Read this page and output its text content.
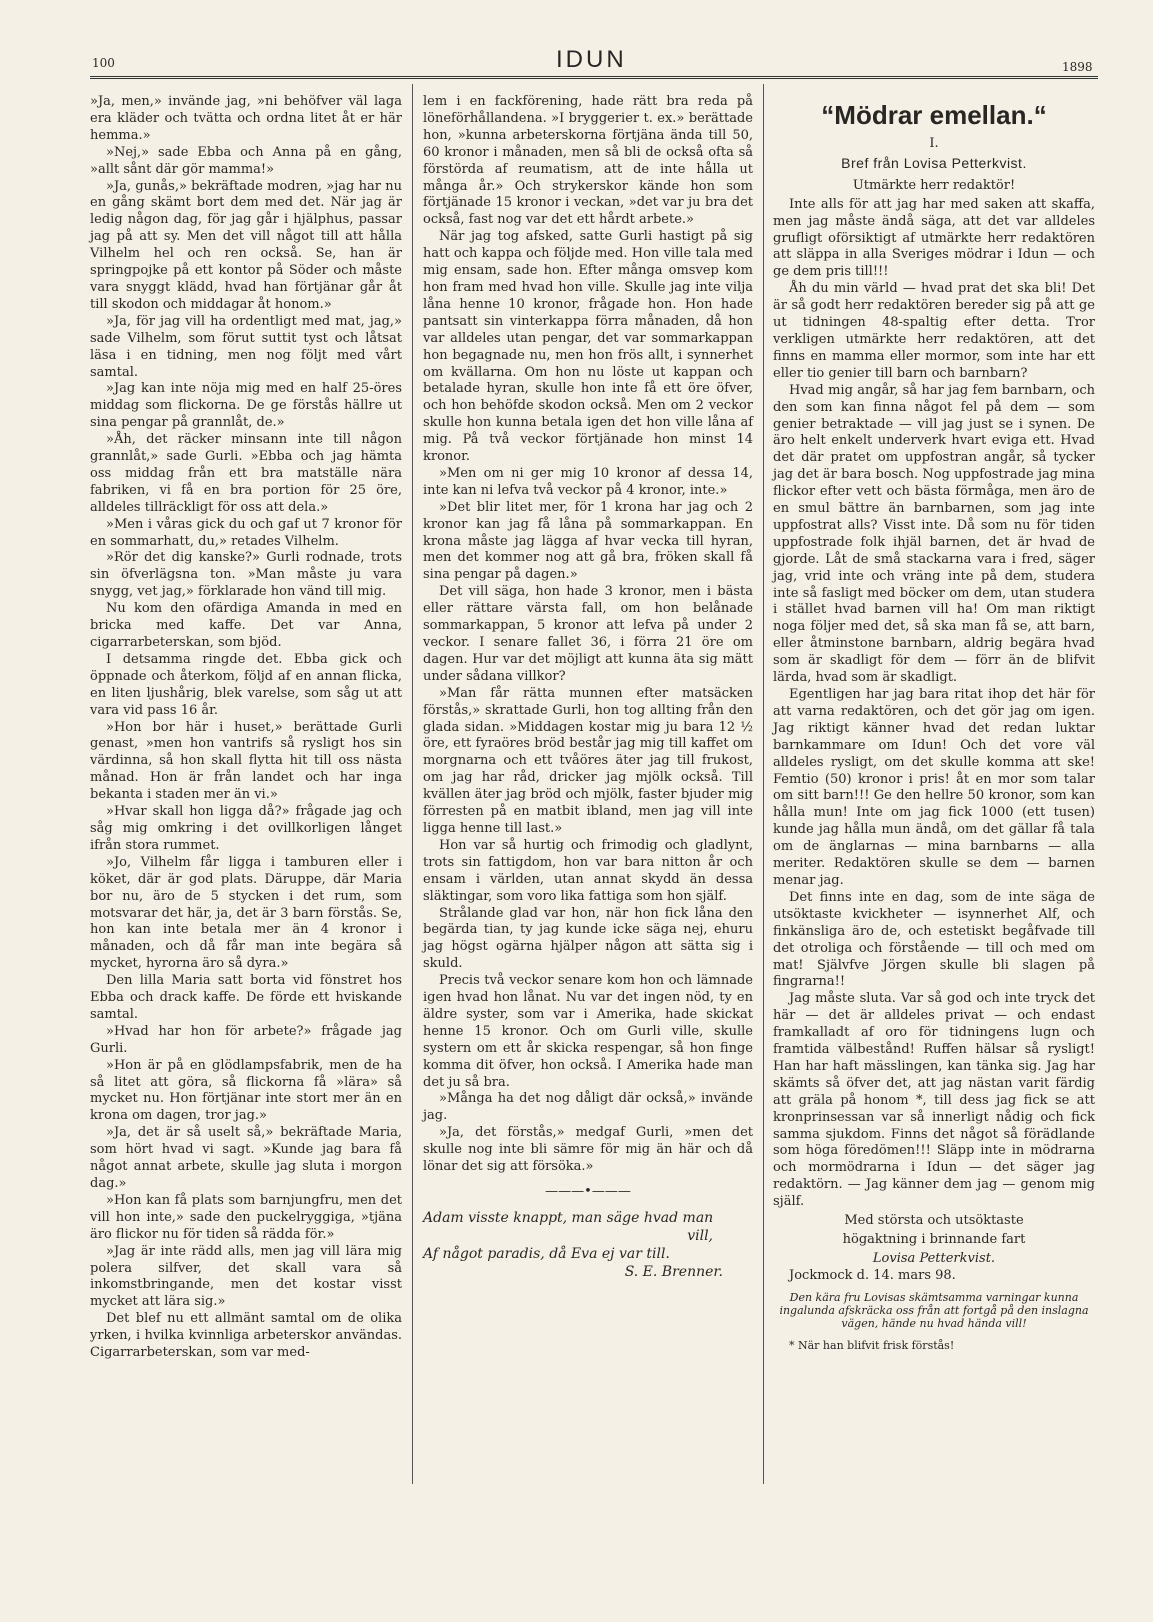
100	IDUN	1898

»Ja, men,» invände jag, »ni behöfver väl laga era kläder och tvätta och ordna litet åt er här hemma.»

»Nej,» sade Ebba och Anna på en gång, »allt sånt där gör mamma!»

»Ja, gunås,» bekräftade modren, »jag har nu en gång skämt bort dem med det. När jag är ledig någon dag, för jag går i hjälphus, passar jag på att sy. Men det vill något till att hålla Vilhelm hel och ren också. Se, han är springpojke på ett kontor på Söder och måste vara snyggt klädd, hvad han förtjänar går åt till skodon och middagar åt honom.»

»Ja, för jag vill ha ordentligt med mat, jag,» sade Vilhelm, som förut suttit tyst och låtsat läsa i en tidning, men nog följt med vårt samtal.

»Jag kan inte nöja mig med en half 25-öres middag som flickorna. De ge förstås hällre ut sina pengar på grannlåt, de.»

»Åh, det räcker minsann inte till någon grannlåt,» sade Gurli. »Ebba och jag hämta oss middag från ett bra matställe nära fabriken, vi få en bra portion för 25 öre, alldeles tillräckligt för oss att dela.»

»Men i våras gick du och gaf ut 7 kronor för en sommarhatt, du,» retades Vilhelm.

»Rör det dig kanske?» Gurli rodnade, trots sin öfverlägsna ton. »Man måste ju vara snygg, vet jag,» förklarade hon vänd till mig.

Nu kom den ofärdiga Amanda in med en bricka med kaffe. Det var Anna, cigarrarbeterskan, som bjöd.

I detsamma ringde det. Ebba gick och öppnade och återkom, följd af en annan flicka, en liten ljushårig, blek varelse, som såg ut att vara vid pass 16 år.

»Hon bor här i huset,» berättade Gurli genast, »men hon vantrifs så rysligt hos sin värdinna, så hon skall flytta hit till oss nästa månad. Hon är från landet och har inga bekanta i staden mer än vi.»

»Hvar skall hon ligga då?» frågade jag och såg mig omkring i det ovillkorligen långet ifrån stora rummet.

»Jo, Vilhelm får ligga i tamburen eller i köket, där är god plats. Däruppe, där Maria bor nu, äro de 5 stycken i det rum, som motsvarar det här, ja, det är 3 barn förstås. Se, hon kan inte betala mer än 4 kronor i månaden, och då får man inte begära så mycket, hyrorna äro så dyra.»

Den lilla Maria satt borta vid fönstret hos Ebba och drack kaffe. De förde ett hviskande samtal.

»Hvad har hon för arbete?» frågade jag Gurli.

»Hon är på en glödlampsfabrik, men de ha så litet att göra, så flickorna få »lära» så mycket nu. Hon förtjänar inte stort mer än en krona om dagen, tror jag.»

»Ja, det är så uselt så,» bekräftade Maria, som hört hvad vi sagt. »Kunde jag bara få något annat arbete, skulle jag sluta i morgon dag.»

»Hon kan få plats som barnjungfru, men det vill hon inte,» sade den puckelryggiga, »tjäna äro flickor nu för tiden så rädda för.»

»Jag är inte rädd alls, men jag vill lära mig polera silfver, det skall vara så inkomstbringande, men det kostar visst mycket att lära sig.»

Det blef nu ett allmänt samtal om de olika yrken, i hvilka kvinnliga arbeterskor användas. Cigarrarbeterskan, som var med-

lem i en fackförening, hade rätt bra reda på löneförhållandena. »I bryggerier t. ex.» berättade hon, »kunna arbeterskorna förtjäna ända till 50, 60 kronor i månaden, men så bli de också ofta så förstörda af reumatism, att de inte hålla ut många år.» Och strykerskor kände hon som förtjänade 15 kronor i veckan, »det var ju bra det också, fast nog var det ett hårdt arbete.»

När jag tog afsked, satte Gurli hastigt på sig hatt och kappa och följde med. Hon ville tala med mig ensam, sade hon. Efter många omsvep kom hon fram med hvad hon ville. Skulle jag inte vilja låna henne 10 kronor, frågade hon. Hon hade pantsatt sin vinterkappa förra månaden, då hon var alldeles utan pengar, det var sommarkappan hon begagnade nu, men hon frös allt, i synnerhet om kvällarna. Om hon nu löste ut kappan och betalade hyran, skulle hon inte få ett öre öfver, och hon behöfde skodon också. Men om 2 veckor skulle hon kunna betala igen det hon ville låna af mig. På två veckor förtjänade hon minst 14 kronor.

»Men om ni ger mig 10 kronor af dessa 14, inte kan ni lefva två veckor på 4 kronor, inte.»

»Det blir litet mer, för 1 krona har jag och 2 kronor kan jag få låna på sommarkappan. En krona måste jag lägga af hvar vecka till hyran, men det kommer nog att gå bra, fröken skall få sina pengar på dagen.»

Det vill säga, hon hade 3 kronor, men i bästa eller rättare värsta fall, om hon belånade sommarkappan, 5 kronor att lefva på under 2 veckor. I senare fallet 36, i förra 21 öre om dagen. Hur var det möjligt att kunna äta sig mätt under sådana villkor?

»Man får rätta munnen efter matsäcken förstås,» skrattade Gurli, hon tog allting från den glada sidan. »Middagen kostar mig ju bara 12 ½ öre, ett fyraöres bröd består jag mig till kaffet om morgnarna och ett tvåöres äter jag till frukost, om jag har råd, dricker jag mjölk också. Till kvällen äter jag bröd och mjölk, faster bjuder mig förresten på en matbit ibland, men jag vill inte ligga henne till last.»

Hon var så hurtig och frimodig och gladlynt, trots sin fattigdom, hon var bara nitton år och ensam i världen, utan annat skydd än dessa släktingar, som voro lika fattiga som hon själf.

Strålande glad var hon, när hon fick låna den begärda tian, ty jag kunde icke säga nej, ehuru jag högst ogärna hjälper någon att sätta sig i skuld.

Precis två veckor senare kom hon och lämnade igen hvad hon lånat. Nu var det ingen nöd, ty en äldre syster, som var i Amerika, hade skickat henne 15 kronor. Och om Gurli ville, skulle systern om ett år skicka respengar, så hon finge komma dit öfver, hon också. I Amerika hade man det ju så bra.

»Många ha det nog dåligt där också,» invände jag.

»Ja, det förstås,» medgaf Gurli, »men det skulle nog inte bli sämre för mig än här och då lönar det sig att försöka.»

———•———
Adam visste knappt, man säge hvad man
vill,
Af något paradis, då Eva ej var till.
S. E. Brenner.
“Mödrar emellan.“
I.
Bref från Lovisa Petterkvist.
Utmärkte herr redaktör!

Inte alls för att jag har med saken att skaffa, men jag måste ändå säga, att det var alldeles grufligt oförsiktigt af utmärkte herr redaktören att släppa in alla Sveriges mödrar i Idun — och ge dem pris till!!!

Åh du min värld — hvad prat det ska bli! Det är så godt herr redaktören bereder sig på att ge ut tidningen 48-spaltig efter detta. Tror verkligen utmärkte herr redaktören, att det finns en mamma eller mormor, som inte har ett eller tio genier till barn och barnbarn?

Hvad mig angår, så har jag fem barnbarn, och den som kan finna något fel på dem — som genier betraktade — vill jag just se i synen. De äro helt enkelt underverk hvart eviga ett. Hvad det där pratet om uppfostran angår, så tycker jag det är bara bosch. Nog uppfostrade jag mina flickor efter vett och bästa förmåga, men äro de en smul bättre än barnbarnen, som jag inte uppfostrat alls? Visst inte. Då som nu för tiden uppfostrade folk ihjäl barnen, det är hvad de gjorde. Låt de små stackarna vara i fred, säger jag, vrid inte och vräng inte på dem, studera inte så fasligt med böcker om dem, utan studera i stället hvad barnen vill ha! Om man riktigt noga följer med det, så ska man få se, att barn, eller åtminstone barnbarn, aldrig begära hvad som är skadligt för dem — förr än de blifvit lärda, hvad som är skadligt.

Egentligen har jag bara ritat ihop det här för att varna redaktören, och det gör jag om igen. Jag riktigt känner hvad det redan luktar barnkammare om Idun! Och det vore väl alldeles rysligt, om det skulle komma att ske! Femtio (50) kronor i pris! åt en mor som talar om sitt barn!!! Ge den hellre 50 kronor, som kan hålla mun! Inte om jag fick 1000 (ett tusen) kunde jag hålla mun ändå, om det gällar få tala om de änglarnas — mina barnbarns — alla meriter. Redaktören skulle se dem — barnen menar jag.

Det finns inte en dag, som de inte säga de utsöktaste kvickheter — isynnerhet Alf, och finkänsliga äro de, och estetiskt begåfvade till det otroliga och förstående — till och med om mat! Självfve Jörgen skulle bli slagen på fingrarna!!

Jag måste sluta. Var så god och inte tryck det här — det är alldeles privat — och endast framkalladt af oro för tidningens lugn och framtida välbestånd! Ruffen hälsar så rysligt! Han har haft mässlingen, kan tänka sig. Jag har skämts så öfver det, att jag nästan varit färdig att gräla på honom *, till dess jag fick se att kronprinsessan var så innerligt nådig och fick samma sjukdom. Finns det något så förädlande som höga föredömen!!! Släpp inte in mödrarna och mormödrarna i Idun — det säger jag redaktörn. — Jag känner dem jag — genom mig själf.

Med största och utsöktaste
högaktning i brinnande fart
Lovisa Petterkvist.

Jockmock d. 14. mars 98.

Den kära fru Lovisas skämtsamma varningar kunna ingalunda afskräcka oss från att fortgå på den inslagna vägen, hände nu hvad hända vill!
* När han blifvit frisk förstås!
